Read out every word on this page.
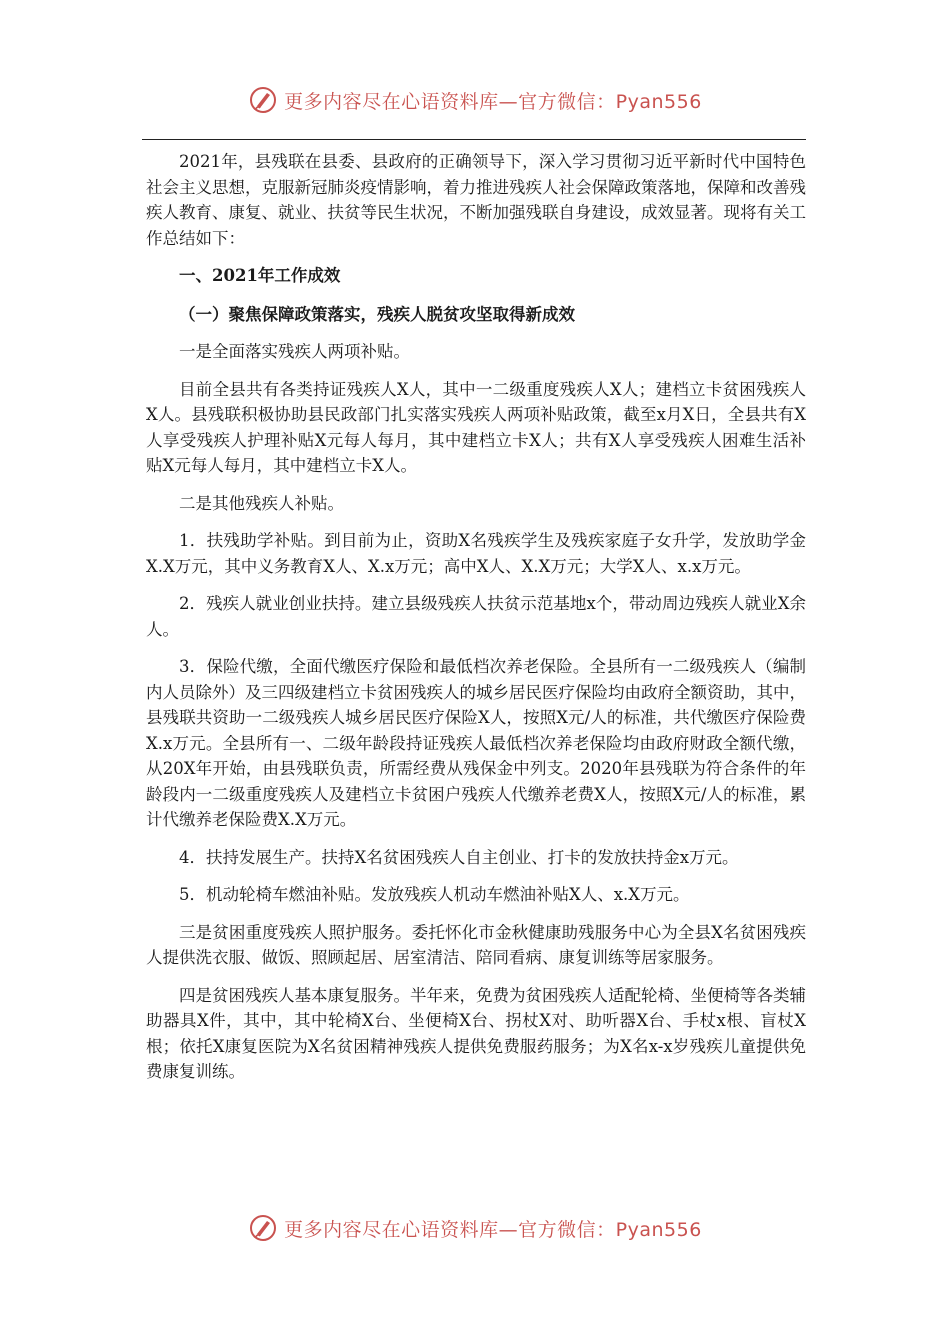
更多内容尽在心语资料库—官方微信：Pyan556

2021年，县残联在县委、县政府的正确领导下，深入学习贯彻习近平新时代中国特色社会主义思想，克服新冠肺炎疫情影响，着力推进残疾人社会保障政策落地，保障和改善残疾人教育、康复、就业、扶贫等民生状况，不断加强残联自身建设，成效显著。现将有关工作总结如下：

一、2021年工作成效

（一）聚焦保障政策落实，残疾人脱贫攻坚取得新成效

一是全面落实残疾人两项补贴。

目前全县共有各类持证残疾人X人，其中一二级重度残疾人X人；建档立卡贫困残疾人X人。县残联积极协助县民政部门扎实落实残疾人两项补贴政策，截至x月X日，全县共有X人享受残疾人护理补贴X元每人每月，其中建档立卡X人；共有X人享受残疾人困难生活补贴X元每人每月，其中建档立卡X人。

二是其他残疾人补贴。

1．扶残助学补贴。到目前为止，资助X名残疾学生及残疾家庭子女升学，发放助学金X.X万元，其中义务教育X人、X.x万元；高中X人、X.X万元；大学X人、x.x万元。

2．残疾人就业创业扶持。建立县级残疾人扶贫示范基地x个，带动周边残疾人就业X余人。

3．保险代缴，全面代缴医疗保险和最低档次养老保险。全县所有一二级残疾人（编制内人员除外）及三四级建档立卡贫困残疾人的城乡居民医疗保险均由政府全额资助，其中，县残联共资助一二级残疾人城乡居民医疗保险X人，按照X元/人的标准，共代缴医疗保险费X.x万元。全县所有一、二级年龄段持证残疾人最低档次养老保险均由政府财政全额代缴，从20X年开始，由县残联负责，所需经费从残保金中列支。2020年县残联为符合条件的年龄段内一二级重度残疾人及建档立卡贫困户残疾人代缴养老费X人，按照X元/人的标准，累计代缴养老保险费X.X万元。

4．扶持发展生产。扶持X名贫困残疾人自主创业、打卡的发放扶持金x万元。

5．机动轮椅车燃油补贴。发放残疾人机动车燃油补贴X人、x.X万元。

三是贫困重度残疾人照护服务。委托怀化市金秋健康助残服务中心为全县X名贫困残疾人提供洗衣服、做饭、照顾起居、居室清洁、陪同看病、康复训练等居家服务。

四是贫困残疾人基本康复服务。半年来，免费为贫困残疾人适配轮椅、坐便椅等各类辅助器具X件，其中，其中轮椅X台、坐便椅X台、拐杖X对、助听器X台、手杖x根、盲杖X根；依托X康复医院为X名贫困精神残疾人提供免费服药服务；为X名x-x岁残疾儿童提供免费康复训练。

更多内容尽在心语资料库—官方微信：Pyan556
